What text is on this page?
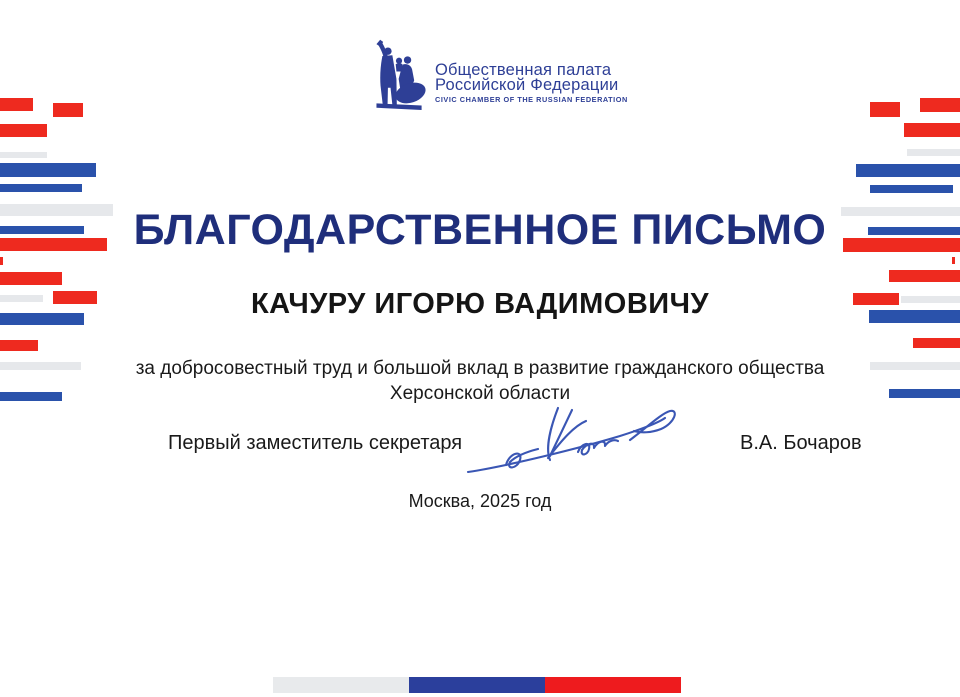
Общественная палата
Российской Федерации
CIVIC CHAMBER OF THE RUSSIAN FEDERATION
БЛАГОДАРСТВЕННОЕ ПИСЬМО
КАЧУРУ ИГОРЮ ВАДИМОВИЧУ
за добросовестный труд и большой вклад в развитие гражданского общества
Херсонской области
Первый заместитель секретаря	В.А. Бочаров
Москва, 2025 год
